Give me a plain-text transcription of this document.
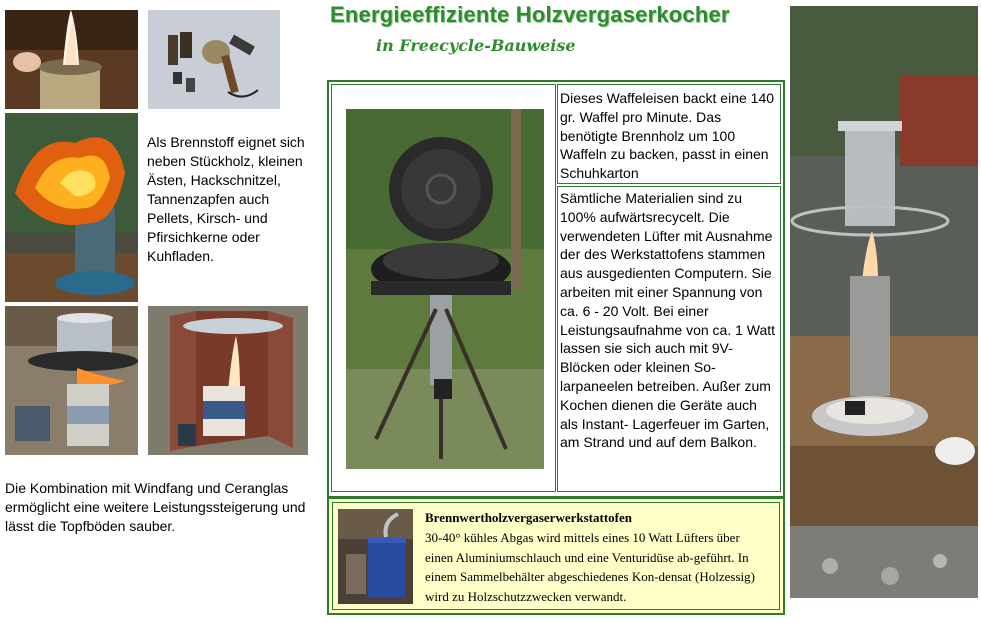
Energieeffiziente Holzvergaserkocher
in Freecycle-Bauweise
Als Brennstoff eignet sich neben Stückholz, kleinen Ästen, Hackschnitzel, Tannenzapfen auch Pellets, Kirsch- und Pfirsichkerne oder Kuhfladen.
Die Kombination mit Windfang und Ceranglas ermöglicht eine weitere Leistungssteigerung und lässt die Topfböden sauber.
Dieses Waffeleisen backt eine 140 gr. Waffel pro Minute. Das benötigte Brennholz um 100 Waffeln zu backen, passt in einen Schuhkarton
Sämtliche Materialien sind zu 100% aufwärtsrecycelt. Die verwendeten Lüfter mit Ausnahme der des Werkstattofens stammen aus ausgedienten Computern. Sie arbeiten mit einer Spannung von ca. 6 - 20 Volt. Bei einer Leistungsaufnahme von ca. 1 Watt lassen sie sich auch mit 9V-Blöcken oder kleinen So-larpaneelen betreiben. Außer zum Kochen dienen die Geräte auch als Instant- Lagerfeuer im Garten, am Strand und auf dem Balkon.
Brennwertholzvergaserwerkstattofen
30-40° kühles Abgas wird mittels eines 10 Watt Lüfters über einen Aluminiumschlauch und eine Venturidüse ab-geführt. In einem Sammelbehälter abgeschiedenes Kon-densat (Holzessig) wird zu Holzschutzzwecken verwandt.
